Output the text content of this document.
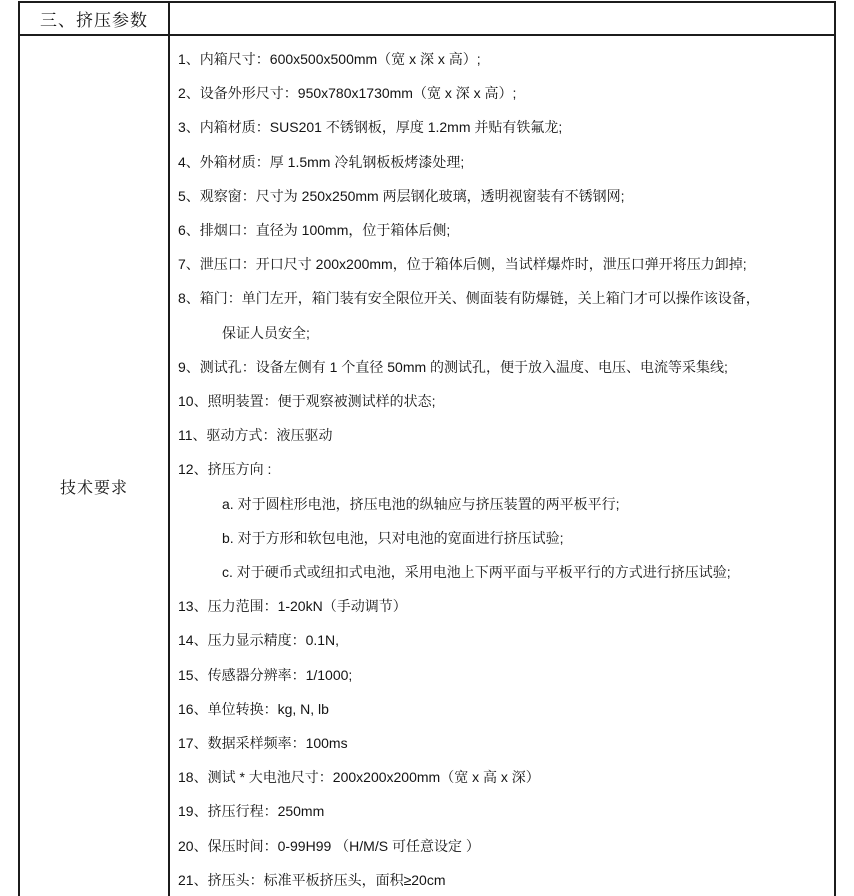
三、挤压参数
技术要求
1、内箱尺寸：600x500x500mm（宽 x 深 x 高）;
2、设备外形尺寸：950x780x1730mm（宽 x 深 x 高）;
3、内箱材质：SUS201 不锈钢板，厚度 1.2mm 并贴有铁氟龙;
4、外箱材质：厚 1.5mm 冷轧钢板板烤漆处理;
5、观察窗：尺寸为 250x250mm 两层钢化玻璃，透明视窗装有不锈钢网;
6、排烟口：直径为 100mm，位于箱体后侧;
7、泄压口：开口尺寸 200x200mm，位于箱体后侧，当试样爆炸时，泄压口弹开将压力卸掉;
8、箱门：单门左开，箱门装有安全限位开关、侧面装有防爆链，关上箱门才可以操作该设备，
保证人员安全;
9、测试孔：设备左侧有 1 个直径 50mm 的测试孔，便于放入温度、电压、电流等采集线;
10、照明装置：便于观察被测试样的状态;
11、驱动方式：液压驱动
12、挤压方向 :
a. 对于圆柱形电池，挤压电池的纵轴应与挤压装置的两平板平行;
b. 对于方形和软包电池，只对电池的宽面进行挤压试验;
c. 对于硬币式或纽扣式电池，采用电池上下两平面与平板平行的方式进行挤压试验;
13、压力范围：1-20kN（手动调节）
14、压力显示精度：0.1N,
15、传感器分辨率：1/1000;
16、单位转换：kg, N, lb
17、数据采样频率：100ms
18、测试 * 大电池尺寸：200x200x200mm（宽 x 高 x 深）
19、挤压行程：250mm
20、保压时间：0-99H99 （H/M/S 可任意设定 ）
21、挤压头：标准平板挤压头，面积≥20cm
